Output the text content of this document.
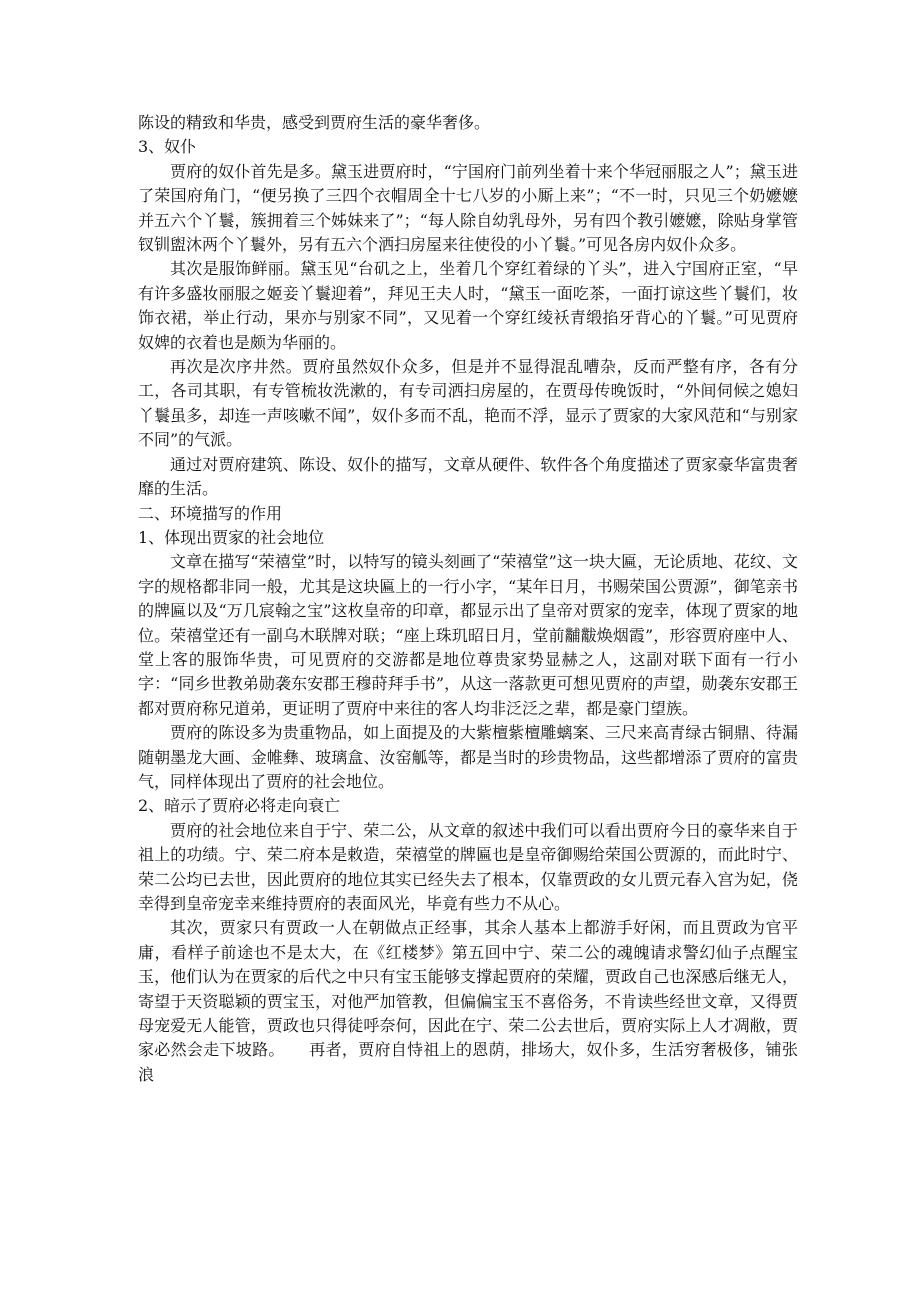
陈设的精致和华贵，感受到贾府生活的豪华奢侈。

3、奴仆

贾府的奴仆首先是多。黛玉进贾府时，“宁国府门前列坐着十来个华冠丽服之人”；黛玉进了荣国府角门，“便另换了三四个衣帽周全十七八岁的小厮上来”；“不一时，只见三个奶嬷嬷并五六个丫鬟，簇拥着三个姊妹来了”；“每人除自幼乳母外，另有四个教引嬷嬷，除贴身掌管钗钏盥沐两个丫鬟外，另有五六个洒扫房屋来往使役的小丫鬟。”可见各房内奴仆众多。

其次是服饰鲜丽。黛玉见“台矶之上，坐着几个穿红着绿的丫头”，进入宁国府正室，“早有许多盛妆丽服之姬妾丫鬟迎着”，拜见王夫人时，“黛玉一面吃茶，一面打谅这些丫鬟们，妆饰衣裙，举止行动，果亦与别家不同”，又见着一个穿红绫袄青缎掐牙背心的丫鬟。”可见贾府奴婢的衣着也是颇为华丽的。

再次是次序井然。贾府虽然奴仆众多，但是并不显得混乱嘈杂，反而严整有序，各有分工，各司其职，有专管梳妆洗漱的，有专司洒扫房屋的，在贾母传晚饭时，“外间伺候之媳妇丫鬟虽多，却连一声咳嗽不闻”，奴仆多而不乱，艳而不浮，显示了贾家的大家风范和“与别家不同”的气派。

通过对贾府建筑、陈设、奴仆的描写，文章从硬件、软件各个角度描述了贾家豪华富贵奢靡的生活。

二、环境描写的作用

1、体现出贾家的社会地位

文章在描写“荣禧堂”时，以特写的镜头刻画了“荣禧堂”这一块大匾，无论质地、花纹、文字的规格都非同一般，尤其是这块匾上的一行小字，“某年日月，书赐荣国公贾源”，御笔亲书的牌匾以及“万几宸翰之宝”这枚皇帝的印章，都显示出了皇帝对贾家的宠幸，体现了贾家的地位。荣禧堂还有一副乌木联牌对联；“座上珠玑昭日月，堂前黼黻焕烟霞”，形容贾府座中人、堂上客的服饰华贵，可见贾府的交游都是地位尊贵家势显赫之人，这副对联下面有一行小字：“同乡世教弟勋袭东安郡王穆莳拜手书”，从这一落款更可想见贾府的声望，勋袭东安郡王都对贾府称兄道弟，更证明了贾府中来往的客人均非泛泛之辈，都是豪门望族。

贾府的陈设多为贵重物品，如上面提及的大紫檀紫檀雕螭案、三尺来高青绿古铜鼎、待漏随朝墨龙大画、金帷彝、玻璃盒、汝窑觚等，都是当时的珍贵物品，这些都增添了贾府的富贵气，同样体现出了贾府的社会地位。

2、暗示了贾府必将走向衰亡

贾府的社会地位来自于宁、荣二公，从文章的叙述中我们可以看出贾府今日的豪华来自于祖上的功绩。宁、荣二府本是敕造，荣禧堂的牌匾也是皇帝御赐给荣国公贾源的，而此时宁、荣二公均已去世，因此贾府的地位其实已经失去了根本，仅靠贾政的女儿贾元春入宫为妃，侥幸得到皇帝宠幸来维持贾府的表面风光，毕竟有些力不从心。

其次，贾家只有贾政一人在朝做点正经事，其余人基本上都游手好闲，而且贾政为官平庸，看样子前途也不是太大，在《红楼梦》第五回中宁、荣二公的魂魄请求警幻仙子点醒宝玉，他们认为在贾家的后代之中只有宝玉能够支撑起贾府的荣耀，贾政自己也深感后继无人，寄望于天资聪颖的贾宝玉，对他严加管教，但偏偏宝玉不喜俗务，不肯读些经世文章，又得贾母宠爱无人能管，贾政也只得徒呼奈何，因此在宁、荣二公去世后，贾府实际上人才凋敝，贾家必然会走下坡路。　　再者，贾府自恃祖上的恩荫，排场大，奴仆多，生活穷奢极侈，铺张浪
